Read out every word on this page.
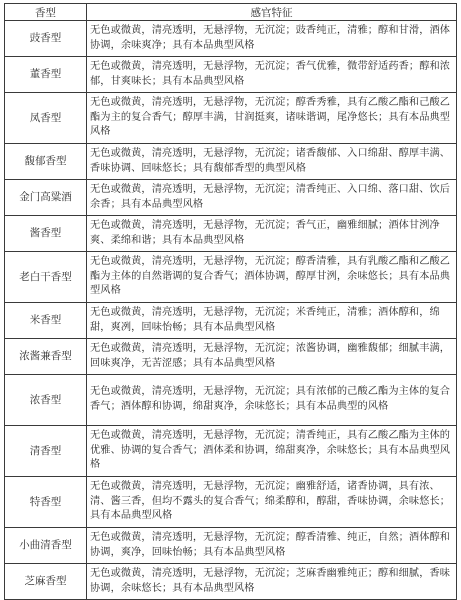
香型	感官特征
豉香型	无色或微黄，清亮透明，无悬浮物，无沉淀；豉香纯正，清雅；醇和甘滑，酒体协调，余味爽净；具有本品典型风格
董香型	无色或微黄，清亮透明，无悬浮物，无沉淀；香气优雅，微带舒适药香；醇和浓郁，甘爽味长；具有本品典型风格
凤香型	无色或微黄，清亮透明，无悬浮物，无沉淀；醇香秀雅，具有乙酸乙酯和己酸乙酯为主的复合香气；醇厚丰满，甘润挺爽，诸味谐调，尾净悠长；具有本品典型风格
馥郁香型	无色或微黄，清亮透明，无悬浮物，无沉淀；诸香馥郁、入口绵甜、醇厚丰满、香味协调、回味悠长；具有馥郁香型的典型风格
金门高粱酒	无色或微黄，清亮透明，无悬浮物，无沉淀；清香纯正、入口绵、落口甜、饮后余香；具有本品典型风格
酱香型	无色或微黄，清亮透明，无悬浮物，无沉淀；香气正，幽雅细腻；酒体甘洌净爽、柔绵和谐；具有本品典型风格
老白干香型	无色或微黄，清亮透明，无悬浮物，无沉淀；醇香清雅，具有乳酸乙酯和乙酸乙酯为主体的自然谐调的复合香气；酒体协调，醇厚甘洌，余味悠长；具有本品典型风格
米香型	无色或微黄，清亮透明，无悬浮物，无沉淀；米香纯正，清雅；酒体醇和，绵甜，爽冽，回味怡畅；具有本品典型风格
浓酱兼香型	无色或微黄，清亮透明，无悬浮物，无沉淀；浓酱协调，幽雅馥郁；细腻丰满，回味爽净，无苦涩感；具有本品典型风格
浓香型	无色或微黄，清亮透明，无悬浮物，无沉淀；具有浓郁的己酸乙酯为主体的复合香气；酒体醇和协调，绵甜爽净，余味悠长；具有本品典型的风格
清香型	无色或微黄，清亮透明，无悬浮物，无沉淀；清香纯正，具有乙酸乙酯为主体的优雅、协调的复合香气；酒体柔和协调，绵甜爽净，余味悠长；具有本品典型风格
特香型	无色或微黄，清亮透明，无悬浮物，无沉淀；幽雅舒适，诸香协调，具有浓、清、酱三香，但均不露头的复合香气；绵柔醇和，醇甜，香味协调，余味悠长；具有本品典型风格
小曲清香型	无色或微黄，清亮透明，无悬浮物，无沉淀；醇香清雅、纯正，自然；酒体醇和协调，爽净，回味怡畅；具有本品典型风格
芝麻香型	无色或微黄，清亮透明，无悬浮物，无沉淀；芝麻香幽雅纯正；醇和细腻，香味协调，余味悠长；具有本品典型风格
